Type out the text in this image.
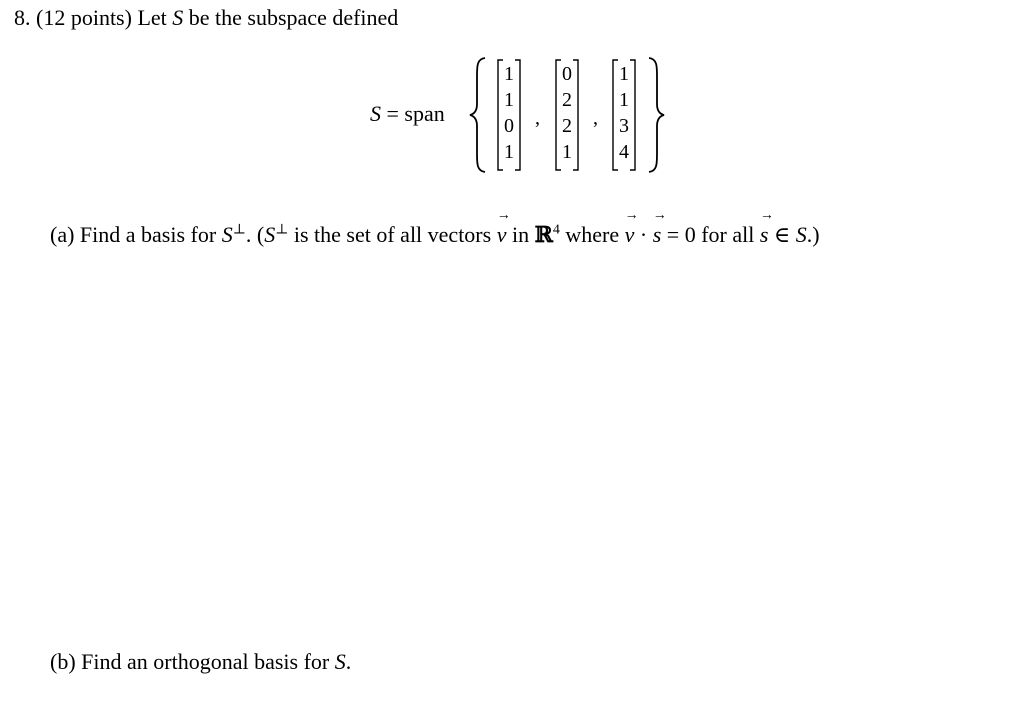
8. (12 points) Let S be the subspace defined
S = span
1
1
0
1
,
0
2
2
1
,
1
1
3
4
(a) Find a basis for S⊥. (S⊥ is the set of all vectors
→
v in ℝ$^4$ where
→
v ·
→
s = 0 for all
→
s ∈ S.)
(b) Find an orthogonal basis for S.
